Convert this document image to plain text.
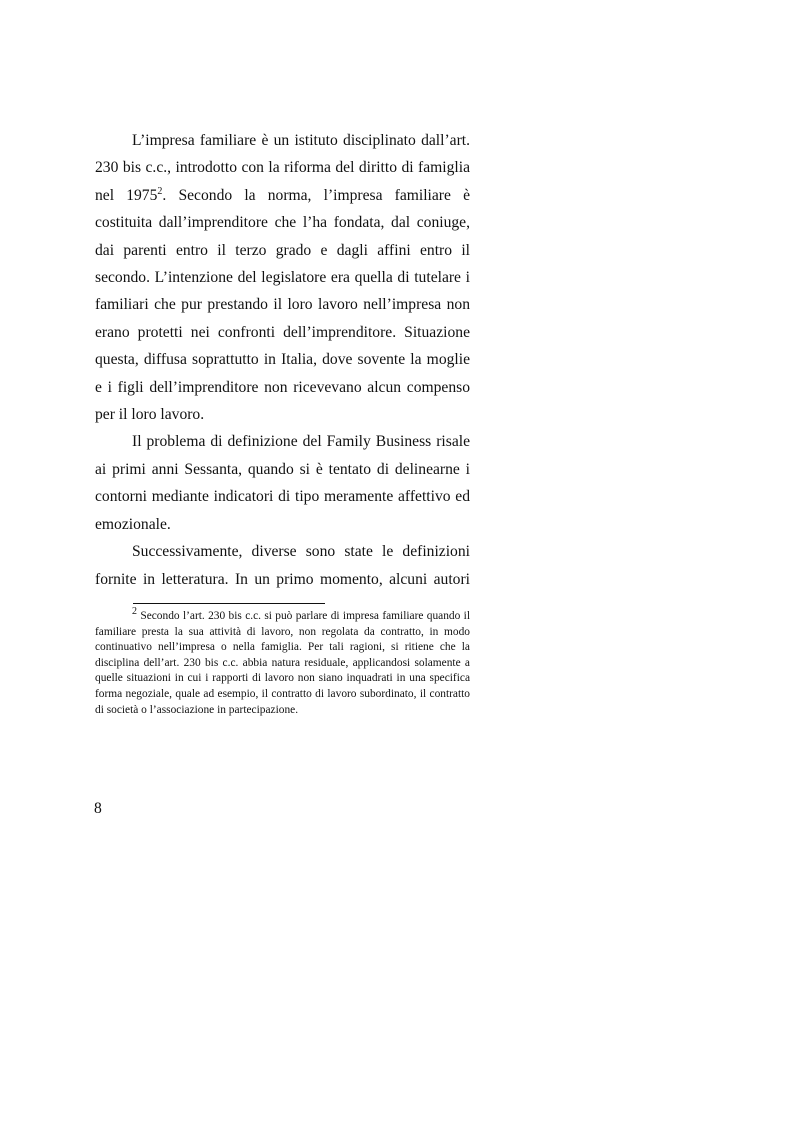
L’impresa familiare è un istituto disciplinato dall’art. 230 bis c.c., introdotto con la riforma del diritto di famiglia nel 1975$^2$. Secondo la norma, l’impresa familiare è costituita dall’imprenditore che l’ha fondata, dal coniuge, dai parenti entro il terzo grado e dagli affini entro il secondo. L’intenzione del legislatore era quella di tutelare i familiari che pur prestando il loro lavoro nell’impresa non erano protetti nei confronti dell’imprenditore. Situazione questa, diffusa soprattutto in Italia, dove sovente la moglie e i figli dell’imprenditore non ricevevano alcun compenso per il loro lavoro.

Il problema di definizione del Family Business risale ai primi anni Sessanta, quando si è tentato di delinearne i contorni mediante indicatori di tipo meramente affettivo ed emozionale.

Successivamente, diverse sono state le definizioni fornite in letteratura. In un primo momento, alcuni autori

2 Secondo l’art. 230 bis c.c. si può parlare di impresa familiare quando il familiare presta la sua attività di lavoro, non regolata da contratto, in modo continuativo nell’impresa o nella famiglia. Per tali ragioni, si ritiene che la disciplina dell’art. 230 bis c.c. abbia natura residuale, applicandosi solamente a quelle situazioni in cui i rapporti di lavoro non siano inquadrati in una specifica forma negoziale, quale ad esempio, il contratto di lavoro subordinato, il contratto di società o l’associazione in partecipazione.

8
